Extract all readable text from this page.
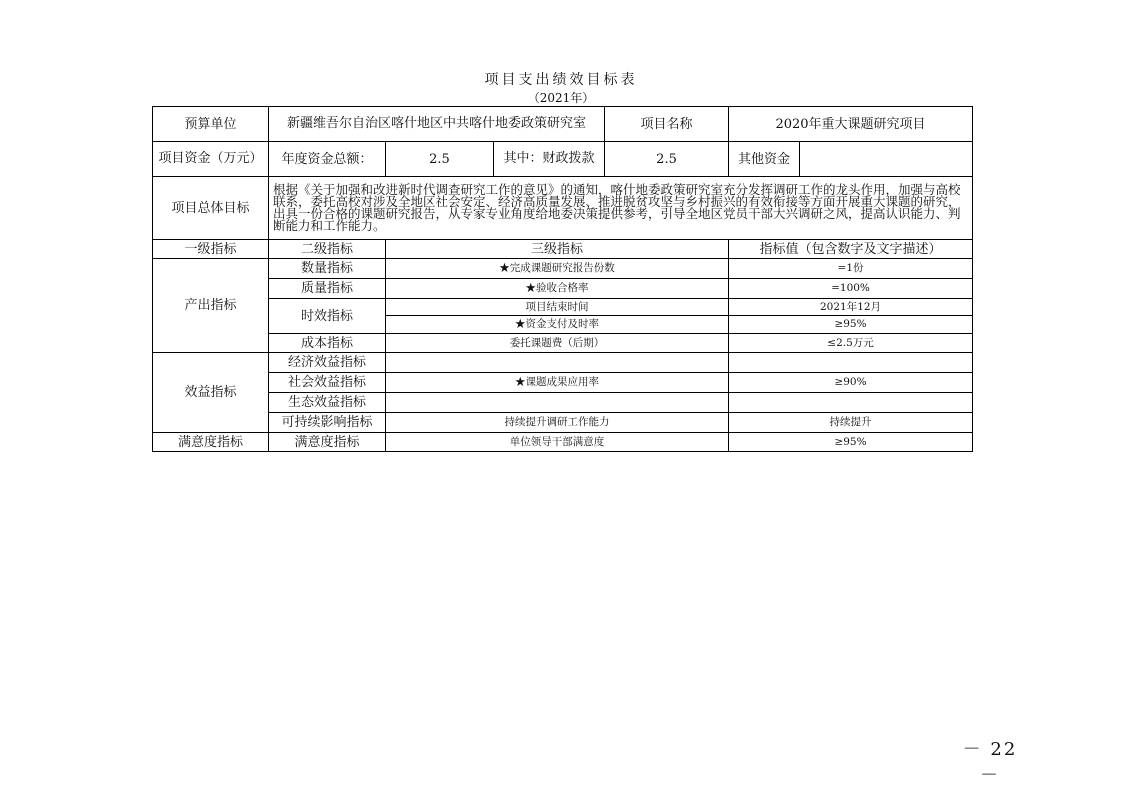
项目支出绩效目标表
（2021年）
预算单位	新疆维吾尔自治区喀什地区中共喀什地委政策研究室			项目名称	2020年重大课题研究项目	
项目资金（万元）	年度资金总额：	2.5	其中：财政拨款	2.5	其他资金	
项目总体目标	根据《关于加强和改进新时代调查研究工作的意见》的通知，喀什地委政策研究室充分发挥调研工作的龙头作用，加强与高校联系，委托高校对涉及全地区社会安定、经济高质量发展、推进脱贫攻坚与乡村振兴的有效衔接等方面开展重大课题的研究，出具一份合格的课题研究报告，从专家专业角度给地委决策提供参考，引导全地区党员干部大兴调研之风，提高认识能力、判断能力和工作能力。					
一级指标	二级指标	三级指标			指标值（包含数字及文字描述）	
产出指标	数量指标	★完成课题研究报告份数			=1份	
	质量指标	★验收合格率			=100%	
	时效指标	项目结束时间			2021年12月	
		★资金支付及时率			≥95%	
	成本指标	委托课题费（后期）			≤2.5万元	
效益指标	经济效益指标					
	社会效益指标	★课题成果应用率			≥90%	
	生态效益指标					
	可持续影响指标	持续提升调研工作能力			持续提升	
满意度指标	满意度指标	单位领导干部满意度			≥95%	
－ 22 －
